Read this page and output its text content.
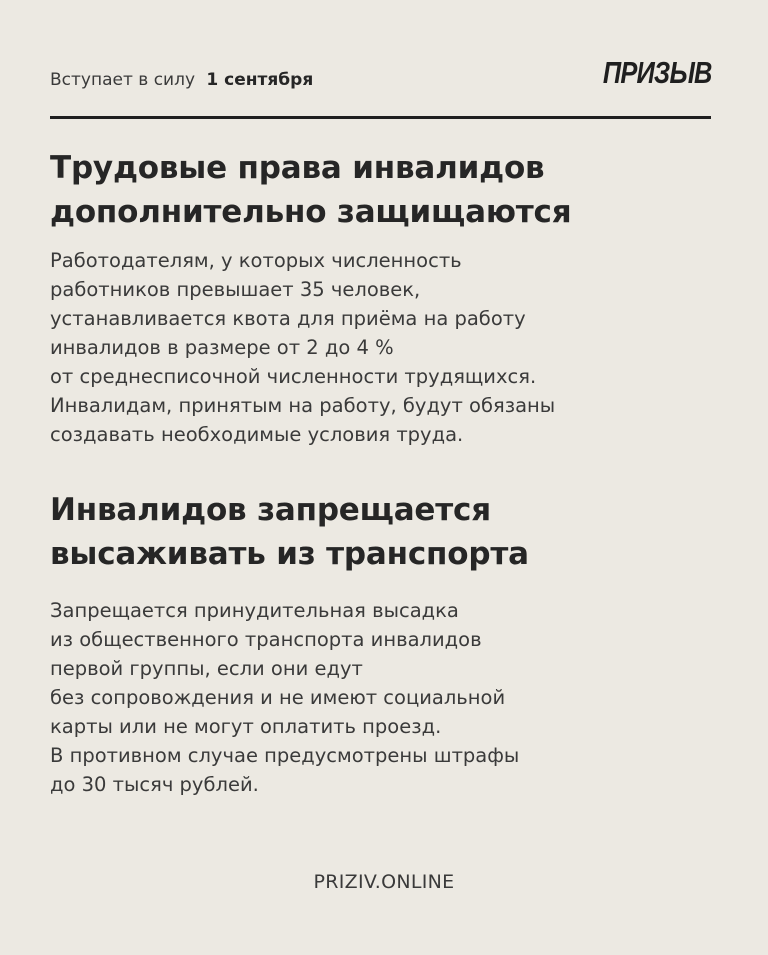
Вступает в силу 1 сентября	ПРИЗЫВ
Трудовые права инвалидов
дополнительно защищаются
Работодателям, у которых численность
работников превышает 35 человек,
устанавливается квота для приёма на работу
инвалидов в размере от 2 до 4 %
от среднесписочной численности трудящихся.
Инвалидам, принятым на работу, будут обязаны
создавать необходимые условия труда.
Инвалидов запрещается
высаживать из транспорта
Запрещается принудительная высадка
из общественного транспорта инвалидов
первой группы, если они едут
без сопровождения и не имеют социальной
карты или не могут оплатить проезд.
В противном случае предусмотрены штрафы
до 30 тысяч рублей.
PRIZIV.ONLINE
